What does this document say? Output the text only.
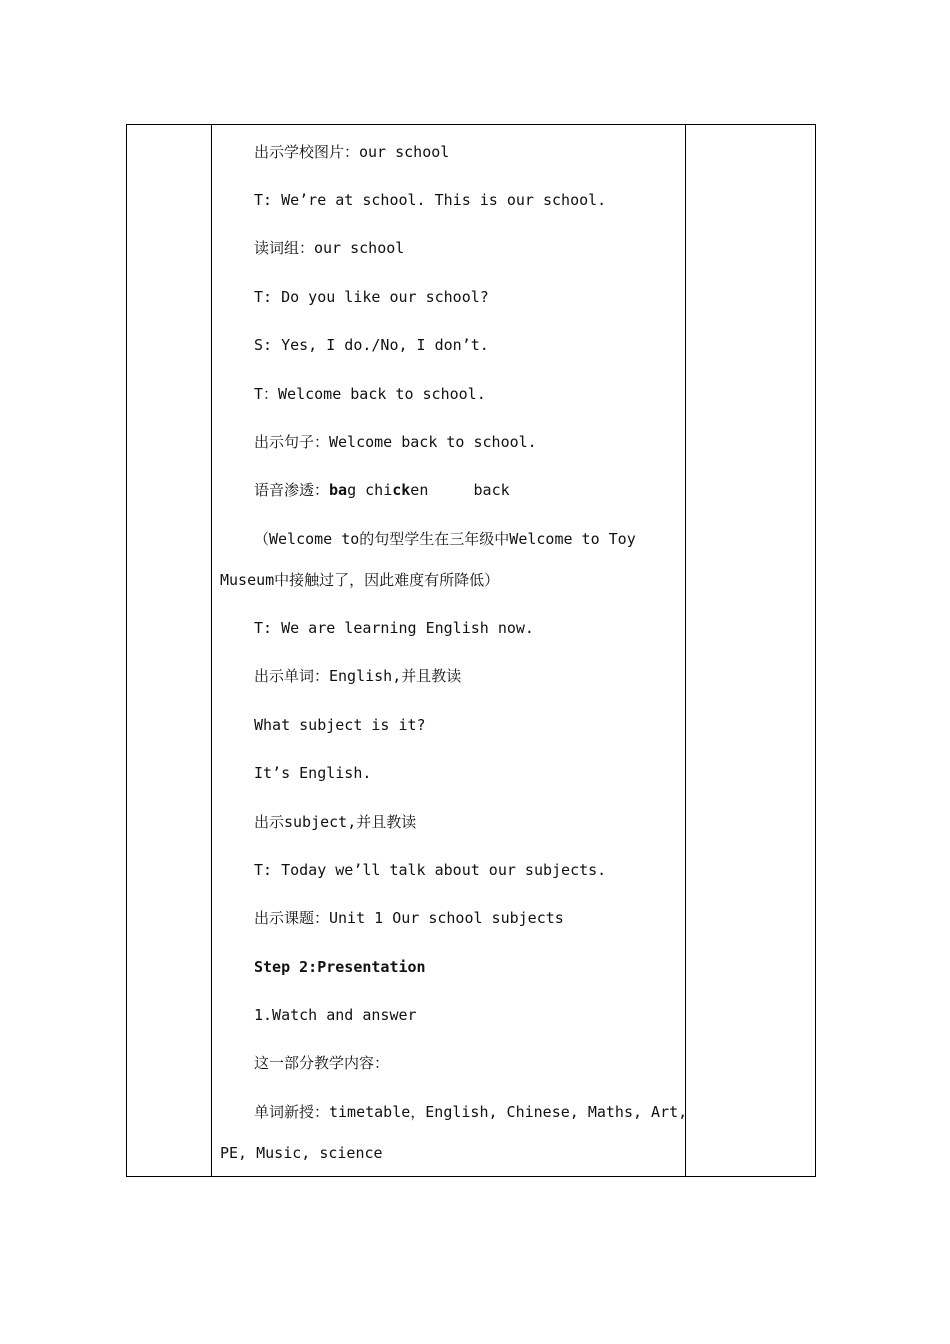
出示学校图片：our school
T: We’re at school. This is our school.
读词组：our school
T: Do you like our school?
S: Yes, I do./No, I don’t.
T：Welcome back to school.
出示句子：Welcome back to school.
语音渗透：bag chicken	back
（Welcome to的句型学生在三年级中Welcome to Toy
Museum中接触过了，因此难度有所降低）
T: We are learning English now.
出示单词：English,并且教读
What subject is it?
It’s English.
出示subject,并且教读
T: Today we’ll talk about our subjects.
出示课题：Unit 1 Our school subjects
Step 2:Presentation
1.Watch and answer
这一部分教学内容：
单词新授：timetable，English, Chinese, Maths, Art,
PE, Music, science
